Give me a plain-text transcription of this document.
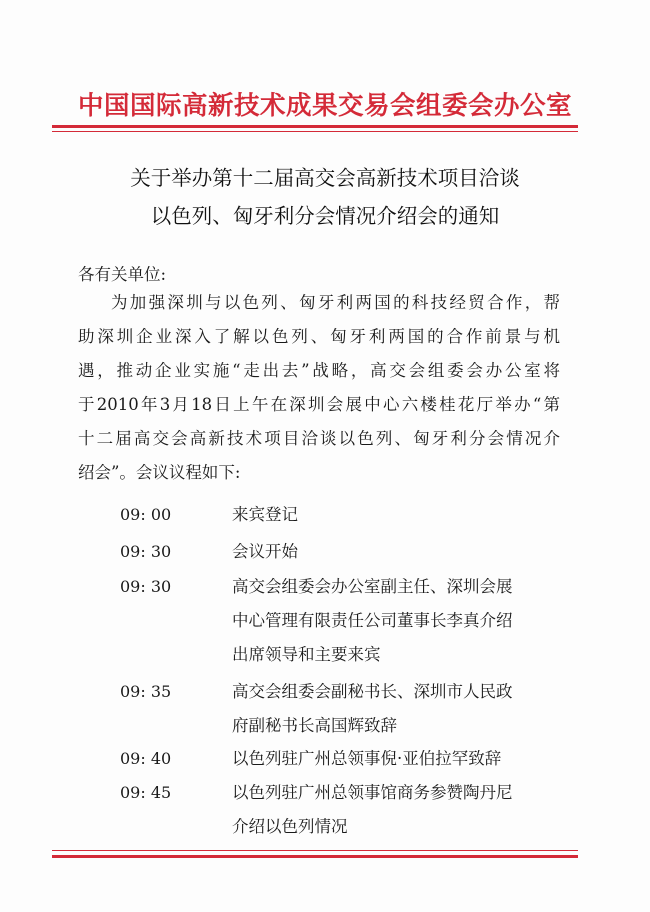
中国国际高新技术成果交易会组委会办公室
关于举办第十二届高交会高新技术项目洽谈
以色列、匈牙利分会情况介绍会的通知
各有关单位:
为加强深圳与以色列、匈牙利两国的科技经贸合作，帮
助深圳企业深入了解以色列、匈牙利两国的合作前景与机
遇，推动企业实施“走出去”战略，高交会组委会办公室将
于2010年3月18日上午在深圳会展中心六楼桂花厅举办“第
十二届高交会高新技术项目洽谈以色列、匈牙利分会情况介
绍会”。会议议程如下:
09: 00	来宾登记
09: 30	会议开始
09: 30	高交会组委会办公室副主任、深圳会展
中心管理有限责任公司董事长李真介绍
出席领导和主要来宾
09: 35	高交会组委会副秘书长、深圳市人民政
府副秘书长高国辉致辞
09: 40	以色列驻广州总领事倪·亚伯拉罕致辞
09: 45	以色列驻广州总领事馆商务参赞陶丹尼
介绍以色列情况
